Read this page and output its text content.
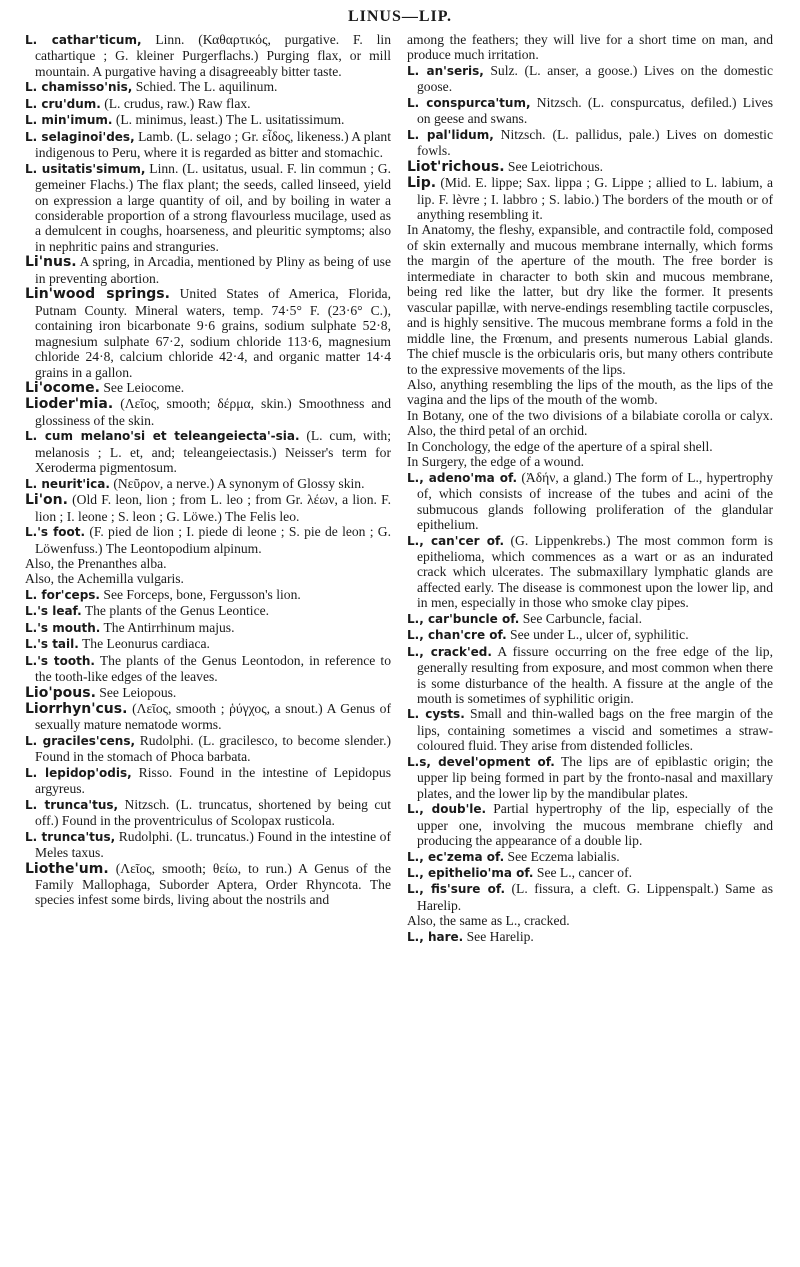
LINUS—LIP.

L. cathar'ticum, Linn. (Καθαρτικός, purgative. F. lin cathartique ; G. kleiner Purgerflachs.) Purging flax, or mill mountain. A purgative having a disagreeably bitter taste.

L. chamisso'nis, Schied. The L. aquilinum.

L. cru'dum. (L. crudus, raw.) Raw flax.

L. min'imum. (L. minimus, least.) The L. usitatissimum.

L. selaginoi'des, Lamb. (L. selago ; Gr. εἶδος, likeness.) A plant indigenous to Peru, where it is regarded as bitter and stomachic.

L. usitatis'simum, Linn. (L. usitatus, usual. F. lin commun ; G. gemeiner Flachs.) The flax plant; the seeds, called linseed, yield on expression a large quantity of oil, and by boiling in water a considerable proportion of a strong flavourless mucilage, used as a demulcent in coughs, hoarseness, and pleuritic symptoms; also in nephritic pains and stranguries.

Li'nus. A spring, in Arcadia, mentioned by Pliny as being of use in preventing abortion.

Lin'wood springs. United States of America, Florida, Putnam County. Mineral waters, temp. 74·5° F. (23·6° C.), containing iron bicarbonate 9·6 grains, sodium sulphate 52·8, magnesium sulphate 67·2, sodium chloride 113·6, magnesium chloride 24·8, calcium chloride 42·4, and organic matter 14·4 grains in a gallon.

Li'ocome. See Leiocome.

Lioder'mia. (Λεῖος, smooth; δέρμα, skin.) Smoothness and glossiness of the skin.

L. cum melano'si et teleangeiecta'-sia. (L. cum, with; melanosis ; L. et, and; teleangeiectasis.) Neisser's term for Xeroderma pigmentosum.

L. neurit'ica. (Νεῦρον, a nerve.) A synonym of Glossy skin.

Li'on. (Old F. leon, lion ; from L. leo ; from Gr. λέων, a lion. F. lion ; I. leone ; S. leon ; G. Löwe.) The Felis leo.

L.'s foot. (F. pied de lion ; I. piede di leone ; S. pie de leon ; G. Löwenfuss.) The Leontopodium alpinum.

Also, the Prenanthes alba.

Also, the Achemilla vulgaris.

L. for'ceps. See Forceps, bone, Fergusson's lion.

L.'s leaf. The plants of the Genus Leontice.

L.'s mouth. The Antirrhinum majus.

L.'s tail. The Leonurus cardiaca.

L.'s tooth. The plants of the Genus Leontodon, in reference to the tooth-like edges of the leaves.

Lio'pous. See Leiopous.

Liorrhyn'cus. (Λεῖος, smooth ; ῥύγχος, a snout.) A Genus of sexually mature nematode worms.

L. graciles'cens, Rudolphi. (L. gracilesco, to become slender.) Found in the stomach of Phoca barbata.

L. lepidop'odis, Risso. Found in the intestine of Lepidopus argyreus.

L. trunca'tus, Nitzsch. (L. truncatus, shortened by being cut off.) Found in the proventriculus of Scolopax rusticola.

L. trunca'tus, Rudolphi. (L. truncatus.) Found in the intestine of Meles taxus.

Liothe'um. (Λεῖος, smooth; θείω, to run.) A Genus of the Family Mallophaga, Suborder Aptera, Order Rhyncota. The species infest some birds, living about the nostrils and

among the feathers; they will live for a short time on man, and produce much irritation.

L. an'seris, Sulz. (L. anser, a goose.) Lives on the domestic goose.

L. conspurca'tum, Nitzsch. (L. conspurcatus, defiled.) Lives on geese and swans.

L. pal'lidum, Nitzsch. (L. pallidus, pale.) Lives on domestic fowls.

Liot'richous. See Leiotrichous.

Lip. (Mid. E. lippe; Sax. lippa ; G. Lippe ; allied to L. labium, a lip. F. lèvre ; I. labbro ; S. labio.) The borders of the mouth or of anything resembling it.

In Anatomy, the fleshy, expansible, and contractile fold, composed of skin externally and mucous membrane internally, which forms the margin of the aperture of the mouth. The free border is intermediate in character to both skin and mucous membrane, being red like the latter, but dry like the former. It presents vascular papillæ, with nerve-endings resembling tactile corpuscles, and is highly sensitive. The mucous membrane forms a fold in the middle line, the Frœnum, and presents numerous Labial glands. The chief muscle is the orbicularis oris, but many others contribute to the expressive movements of the lips.

Also, anything resembling the lips of the mouth, as the lips of the vagina and the lips of the mouth of the womb.

In Botany, one of the two divisions of a bilabiate corolla or calyx. Also, the third petal of an orchid.

In Conchology, the edge of the aperture of a spiral shell.

In Surgery, the edge of a wound.

L., adeno'ma of. (Ἀδήν, a gland.) The form of L., hypertrophy of, which consists of increase of the tubes and acini of the submucous glands following proliferation of the glandular epithelium.

L., can'cer of. (G. Lippenkrebs.) The most common form is epithelioma, which commences as a wart or as an indurated crack which ulcerates. The submaxillary lymphatic glands are affected early. The disease is commonest upon the lower lip, and in men, especially in those who smoke clay pipes.

L., car'buncle of. See Carbuncle, facial.

L., chan'cre of. See under L., ulcer of, syphilitic.

L., crack'ed. A fissure occurring on the free edge of the lip, generally resulting from exposure, and most common when there is some disturbance of the health. A fissure at the angle of the mouth is sometimes of syphilitic origin.

L. cysts. Small and thin-walled bags on the free margin of the lips, containing sometimes a viscid and sometimes a straw-coloured fluid. They arise from distended follicles.

L.s, devel'opment of. The lips are of epiblastic origin; the upper lip being formed in part by the fronto-nasal and maxillary plates, and the lower lip by the mandibular plates.

L., doub'le. Partial hypertrophy of the lip, especially of the upper one, involving the mucous membrane chiefly and producing the appearance of a double lip.

L., ec'zema of. See Eczema labialis.

L., epithelio'ma of. See L., cancer of.

L., fis'sure of. (L. fissura, a cleft. G. Lippenspalt.) Same as Harelip.

Also, the same as L., cracked.

L., hare. See Harelip.
